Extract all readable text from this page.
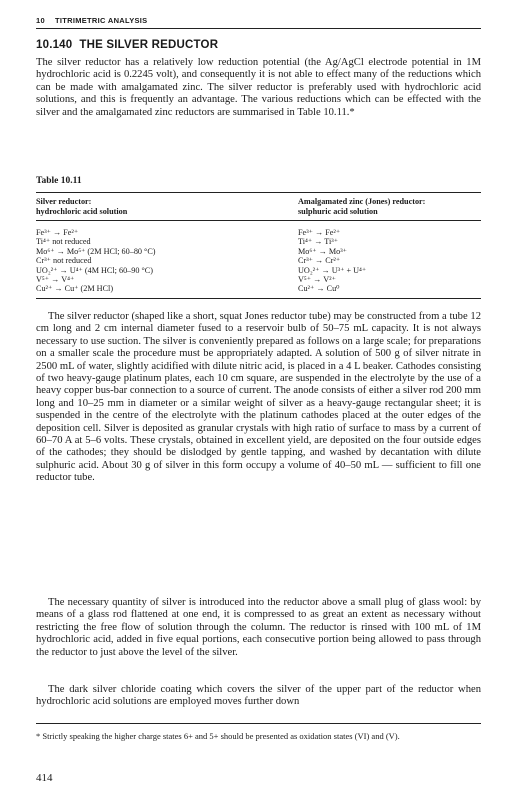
10 TITRIMETRIC ANALYSIS
10.140 THE SILVER REDUCTOR

The silver reductor has a relatively low reduction potential (the Ag/AgCl electrode potential in 1M hydrochloric acid is 0.2245 volt), and consequently it is not able to effect many of the reductions which can be made with amalgamated zinc. The silver reductor is preferably used with hydrochloric acid solutions, and this is frequently an advantage. The various reductions which can be effected with the silver and the amalgamated zinc reductors are summarised in Table 10.11.*

Table 10.11
Silver reductor:
hydrochloric acid solution
Amalgamated zinc (Jones) reductor:
sulphuric acid solution
Fe³⁺ → Fe²⁺
Ti⁴⁺ not reduced
Mo⁶⁺ → Mo⁵⁺ (2M HCl; 60–80 °C)
Cr³⁺ not reduced
UO₂²⁺ → U⁴⁺ (4M HCl; 60–90 °C)
V⁵⁺ → V⁴⁺
Cu²⁺ → Cu⁺ (2M HCl)
Fe³⁺ → Fe²⁺
Ti⁴⁺ → Ti³⁺
Mo⁶⁺ → Mo³⁺
Cr³⁺ → Cr²⁺
UO₂²⁺ → U³⁺ + U⁴⁺
V⁵⁺ → V²⁺
Cu²⁺ → Cu⁰

The silver reductor (shaped like a short, squat Jones reductor tube) may be constructed from a tube 12 cm long and 2 cm internal diameter fused to a reservoir bulb of 50–75 mL capacity. It is not always necessary to use suction. The silver is conveniently prepared as follows on a large scale; for preparations on a smaller scale the procedure must be appropriately adapted. A solution of 500 g of silver nitrate in 2500 mL of water, slightly acidified with dilute nitric acid, is placed in a 4 L beaker. Cathodes consisting of two heavy-gauge platinum plates, each 10 cm square, are suspended in the electrolyte by the use of a heavy copper bus-bar connection to a source of current. The anode consists of either a silver rod 200 mm long and 10–25 mm in diameter or a similar weight of silver as a heavy-gauge rectangular sheet; it is suspended in the centre of the electrolyte with the platinum cathodes placed at the outer edges of the deposition cell. Silver is deposited as granular crystals with high ratio of surface to mass by a current of 60–70 A at 5–6 volts. These crystals, obtained in excellent yield, are deposited on the four outside edges of the cathodes; they should be dislodged by gentle tapping, and washed by decantation with dilute sulphuric acid. About 30 g of silver in this form occupy a volume of 40–50 mL — sufficient to fill one reductor tube.

The necessary quantity of silver is introduced into the reductor above a small plug of glass wool: by means of a glass rod flattened at one end, it is compressed to as great an extent as necessary without restricting the free flow of solution through the column. The reductor is rinsed with 100 mL of 1M hydrochloric acid, added in five equal portions, each consecutive portion being allowed to pass through the reductor to just above the level of the silver.

The dark silver chloride coating which covers the silver of the upper part of the reductor when hydrochloric acid solutions are employed moves further down

* Strictly speaking the higher charge states 6+ and 5+ should be presented as oxidation states (VI) and (V).

414
